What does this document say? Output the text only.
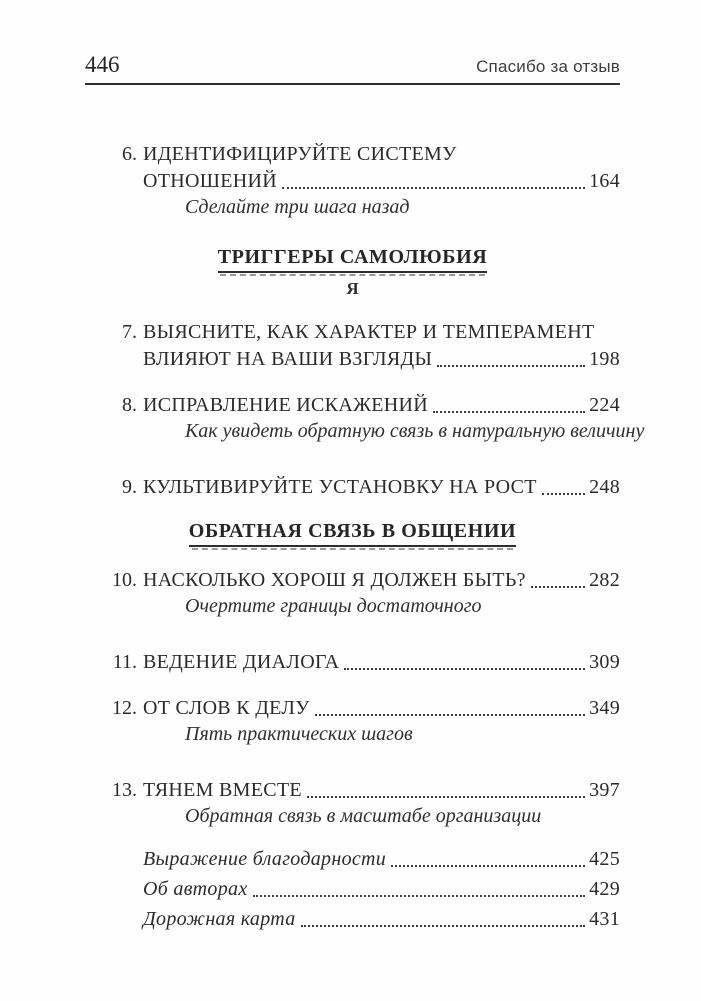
446	Спасибо за отзыв
6. ИДЕНТИФИЦИРУЙТЕ СИСТЕМУ
ОТНОШЕНИЙ	164
Сделайте три шага назад
ТРИГГЕРЫ САМОЛЮБИЯ
Я
7. ВЫЯСНИТЕ, КАК ХАРАКТЕР И ТЕМПЕРАМЕНТ
ВЛИЯЮТ НА ВАШИ ВЗГЛЯДЫ	198
8. ИСПРАВЛЕНИЕ ИСКАЖЕНИЙ	224
Как увидеть обратную связь в натуральную величину
9. КУЛЬТИВИРУЙТЕ УСТАНОВКУ НА РОСТ	248
ОБРАТНАЯ СВЯЗЬ В ОБЩЕНИИ
10. НАСКОЛЬКО ХОРОШ Я ДОЛЖЕН БЫТЬ?	282
Очертите границы достаточного
11. ВЕДЕНИЕ ДИАЛОГА	309
12. ОТ СЛОВ К ДЕЛУ	349
Пять практических шагов
13. ТЯНЕМ ВМЕСТЕ	397
Обратная связь в масштабе организации
Выражение благодарности	425
Об авторах	429
Дорожная карта	431
